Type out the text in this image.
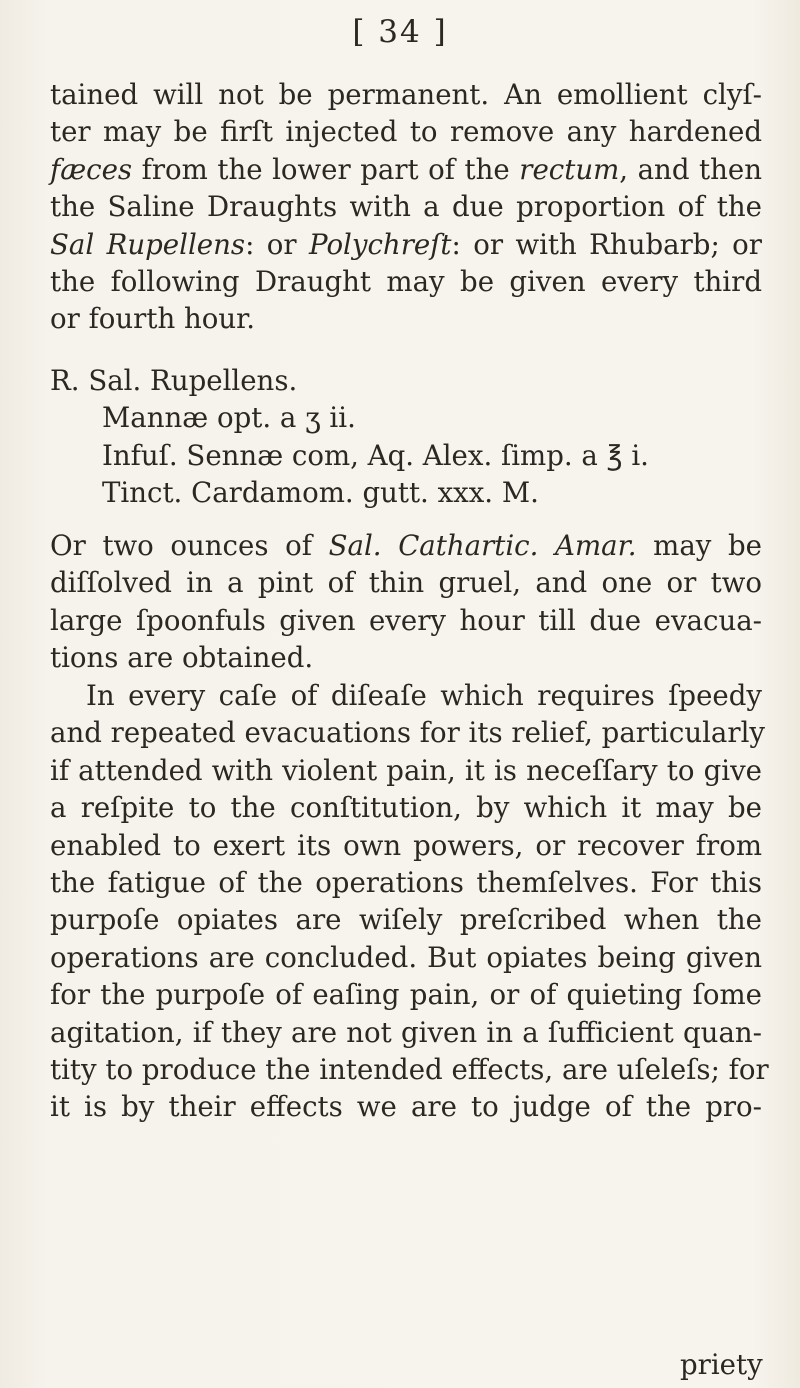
[ 34 ]
tained will not be permanent. An emollient clyſ-
ter may be firſt injected to remove any hardened
fæces from the lower part of the rectum, and then
the Saline Draughts with a due proportion of the
Sal Rupellens: or Polychreſt: or with Rhubarb; or
the following Draught may be given every third
or fourth hour.
R. Sal. Rupellens.
Mannæ opt. a ʒ ii.
Infuſ. Sennæ com, Aq. Alex. ſimp. a ℥ i.
Tinct. Cardamom. gutt. xxx. M.
Or two ounces of Sal. Cathartic. Amar. may be
diſſolved in a pint of thin gruel, and one or two
large ſpoonfuls given every hour till due evacua-
tions are obtained.
In every caſe of diſeaſe which requires ſpeedy
and repeated evacuations for its relief, particularly
if attended with violent pain, it is neceſſary to give
a reſpite to the conſtitution, by which it may be
enabled to exert its own powers, or recover from
the fatigue of the operations themſelves. For this
purpoſe opiates are wiſely preſcribed when the
operations are concluded. But opiates being given
for the purpoſe of eaſing pain, or of quieting ſome
agitation, if they are not given in a ſufficient quan-
tity to produce the intended effects, are uſeleſs; for
it is by their effects we are to judge of the pro-
priety
